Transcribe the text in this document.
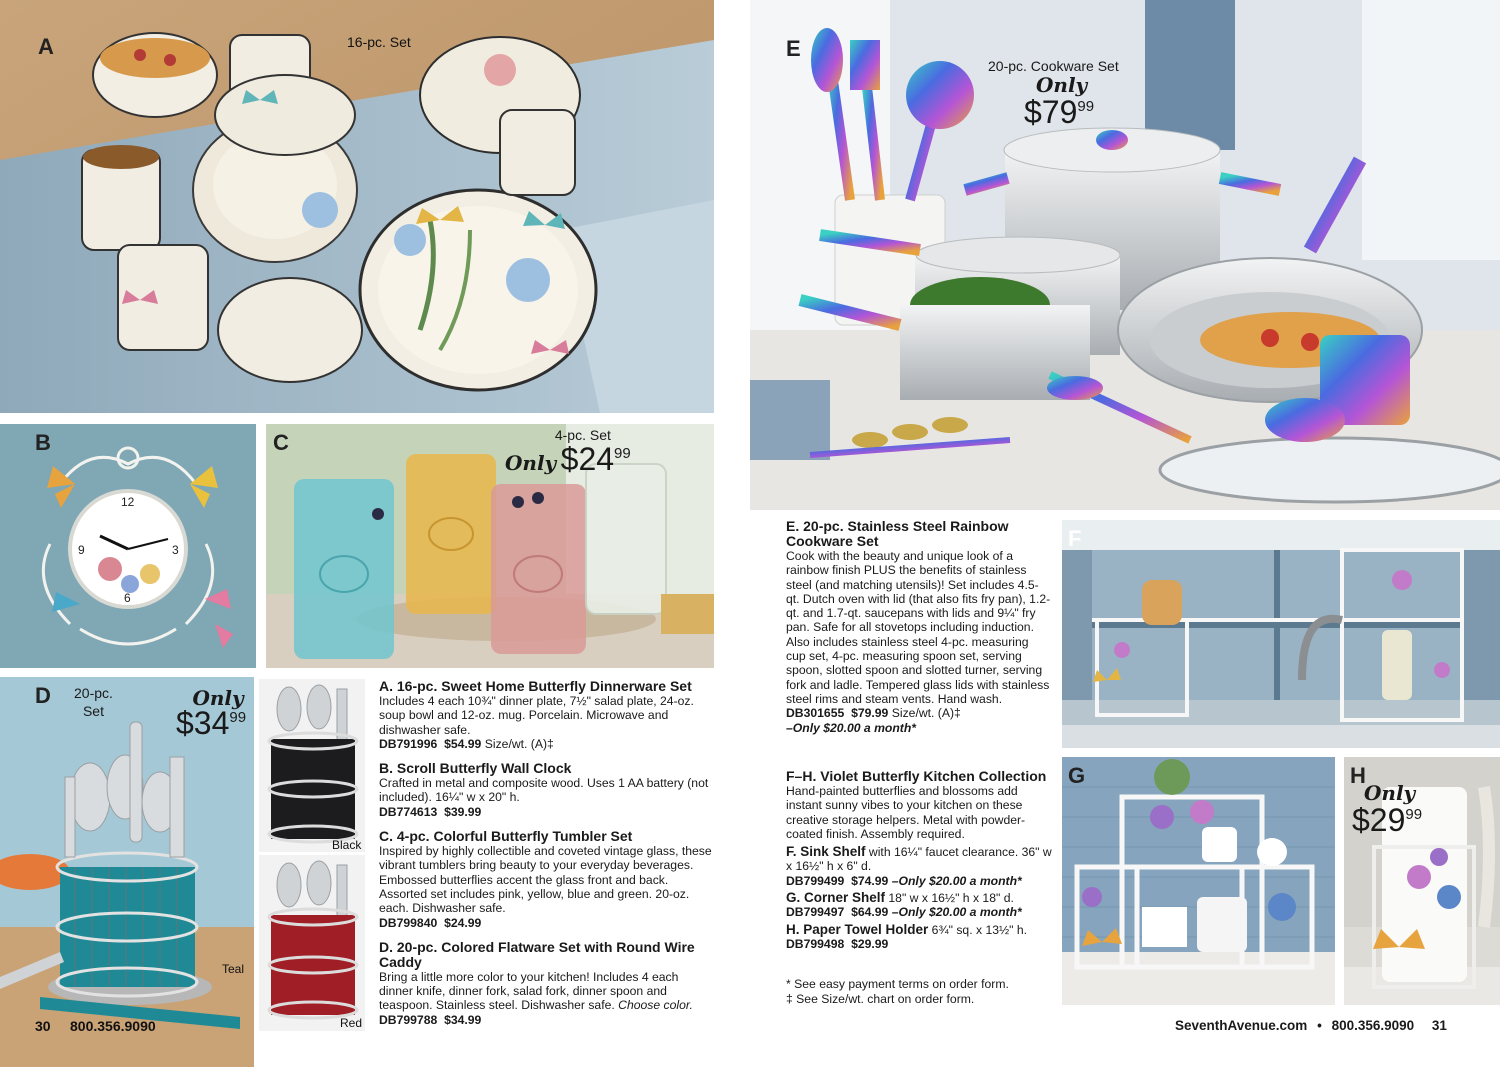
A	16-pc. Set
12
3
6
9
B	C	4-pc. Set
Only $\$24^{99}$
D 20-pc.
Set
Only
$\$34^{99}$
Teal
30 800.356.9090
Black
Red
A. 16-pc. Sweet Home Butterfly Dinnerware Set
Includes 4 each 10¾" dinner plate, 7½" salad plate, 24-oz. soup bowl and 12-oz. mug. Porcelain. Microwave and dishwasher safe.
DB791996 $54.99 Size/wt. (A)‡
B. Scroll Butterfly Wall Clock
Crafted in metal and composite wood. Uses 1 AA battery (not included). 16¼" w x 20" h.
DB774613 $39.99
C. 4-pc. Colorful Butterfly Tumbler Set
Inspired by highly collectible and coveted vintage glass, these vibrant tumblers bring beauty to your everyday beverages. Embossed butterflies accent the glass front and back. Assorted set includes pink, yellow, blue and green. 20-oz. each. Dishwasher safe.
DB799840 $24.99
D. 20-pc. Colored Flatware Set with Round Wire Caddy
Bring a little more color to your kitchen! Includes 4 each dinner knife, dinner fork, salad fork, dinner spoon and teaspoon. Stainless steel. Dishwasher safe. Choose color.
DB799788 $34.99
E
20-pc. Cookware Set
Only
$\$79^{99}$
E. 20-pc. Stainless Steel Rainbow Cookware Set
Cook with the beauty and unique look of a rainbow finish PLUS the benefits of stainless steel (and matching utensils)! Set includes 4.5-qt. Dutch oven with lid (that also fits fry pan), 1.2-qt. and 1.7-qt. saucepans with lids and 9¼" fry pan. Safe for all stovetops including induction. Also includes stainless steel 4-pc. measuring cup set, 4-pc. measuring spoon set, serving spoon, slotted spoon and slotted turner, serving fork and ladle. Tempered glass lids with stainless steel rims and steam vents. Hand wash.
DB301655 $79.99 Size/wt. (A)‡
–Only $20.00 a month*
F–H. Violet Butterfly Kitchen Collection
Hand-painted butterflies and blossoms add instant sunny vibes to your kitchen on these creative storage helpers. Metal with powder-coated finish. Assembly required.
F. Sink Shelf with 16¼" faucet clearance. 36" w x 16½" h x 6" d.
DB799499 $74.99 –Only $20.00 a month*
G. Corner Shelf 18" w x 16½" h x 18" d.
DB799497 $64.99 –Only $20.00 a month*
H. Paper Towel Holder 6¾" sq. x 13½" h.
DB799498 $29.99
* See easy payment terms on order form.
‡ See Size/wt. chart on order form.
F
G	H
Only
$\$29^{99}$
SeventhAvenue.com • 800.356.9090 31
